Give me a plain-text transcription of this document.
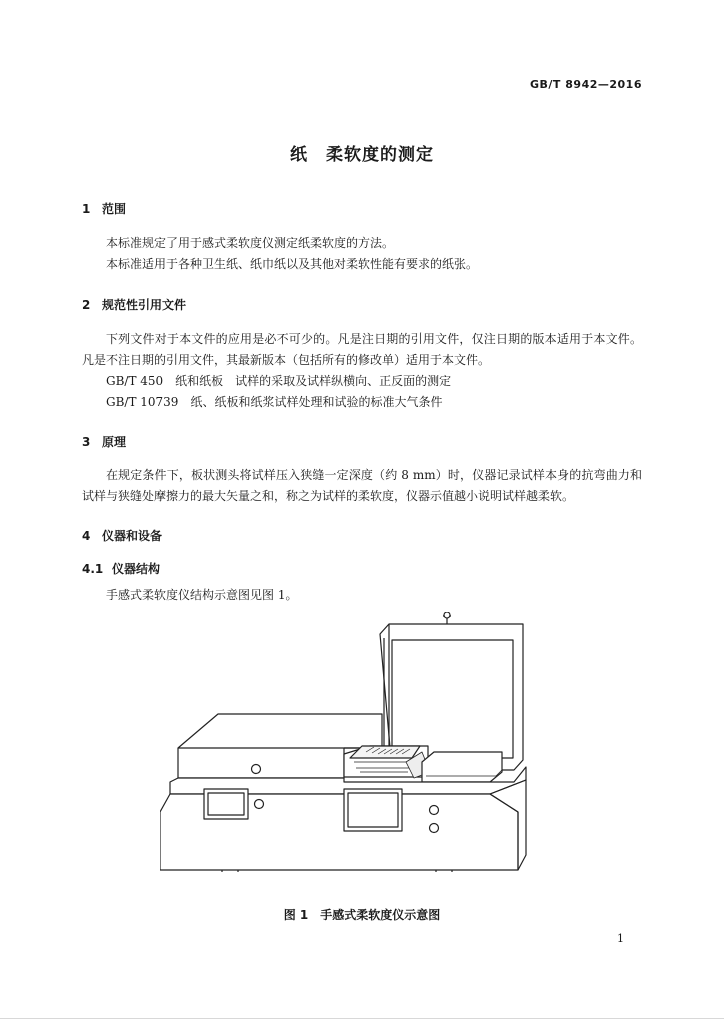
GB/T 8942—2016
纸　柔软度的测定
1 范围
本标准规定了用于感式柔软度仪测定纸柔软度的方法。
本标准适用于各种卫生纸、纸巾纸以及其他对柔软性能有要求的纸张。
2 规范性引用文件
下列文件对于本文件的应用是必不可少的。凡是注日期的引用文件，仅注日期的版本适用于本文件。凡是不注日期的引用文件，其最新版本（包括所有的修改单）适用于本文件。
GB/T 450　纸和纸板　试样的采取及试样纵横向、正反面的测定
GB/T 10739　纸、纸板和纸浆试样处理和试验的标准大气条件
3 原理
在规定条件下，板状测头将试样压入狭缝一定深度（约 8 mm）时，仪器记录试样本身的抗弯曲力和试样与狭缝处摩擦力的最大矢量之和，称之为试样的柔软度，仪器示值越小说明试样越柔软。
4 仪器和设备
4.1 仪器结构
手感式柔软度仪结构示意图见图 1。
图 1　手感式柔软度仪示意图
1
